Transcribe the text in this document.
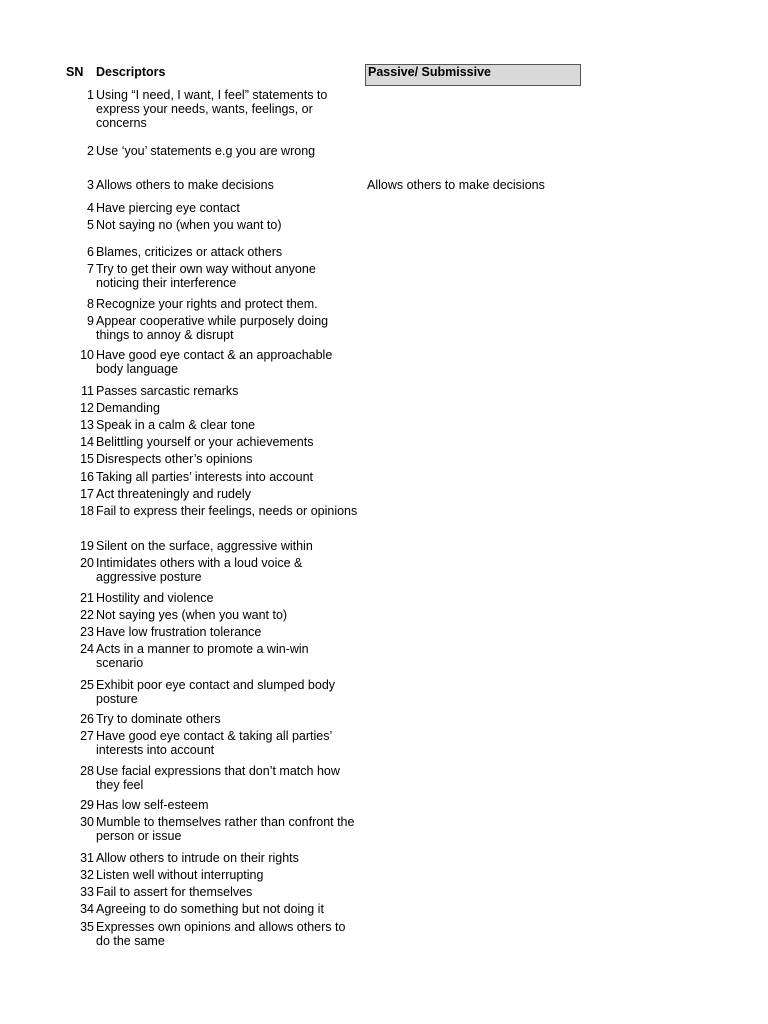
SN Descriptors	Passive/ Submissive
1 Using “I need, I want, I feel” statements to express your needs, wants, feelings, or concerns
2 Use ‘you’ statements e.g you are wrong
3 Allows others to make decisions	Allows others to make decisions
4 Have piercing eye contact
5 Not saying no (when you want to)
6 Blames, criticizes or attack others
7 Try to get their own way without anyone noticing their interference
8 Recognize your rights and protect them.
9 Appear cooperative while purposely doing things to annoy & disrupt
10 Have good eye contact & an approachable body language
11 Passes sarcastic remarks
12 Demanding
13 Speak in a calm & clear tone
14 Belittling yourself or your achievements
15 Disrespects other’s opinions
16 Taking all parties’ interests into account
17 Act threateningly and rudely
18 Fail to express their feelings, needs or opinions
19 Silent on the surface, aggressive within
20 Intimidates others with a loud voice & aggressive posture
21 Hostility and violence
22 Not saying yes (when you want to)
23 Have low frustration tolerance
24 Acts in a manner to promote a win-win scenario
25 Exhibit poor eye contact and slumped body posture
26 Try to dominate others
27 Have good eye contact & taking all parties’ interests into account
28 Use facial expressions that don’t match how they feel
29 Has low self-esteem
30 Mumble to themselves rather than confront the person or issue
31 Allow others to intrude on their rights
32 Listen well without interrupting
33 Fail to assert for themselves
34 Agreeing to do something but not doing it
35 Expresses own opinions and allows others to do the same
